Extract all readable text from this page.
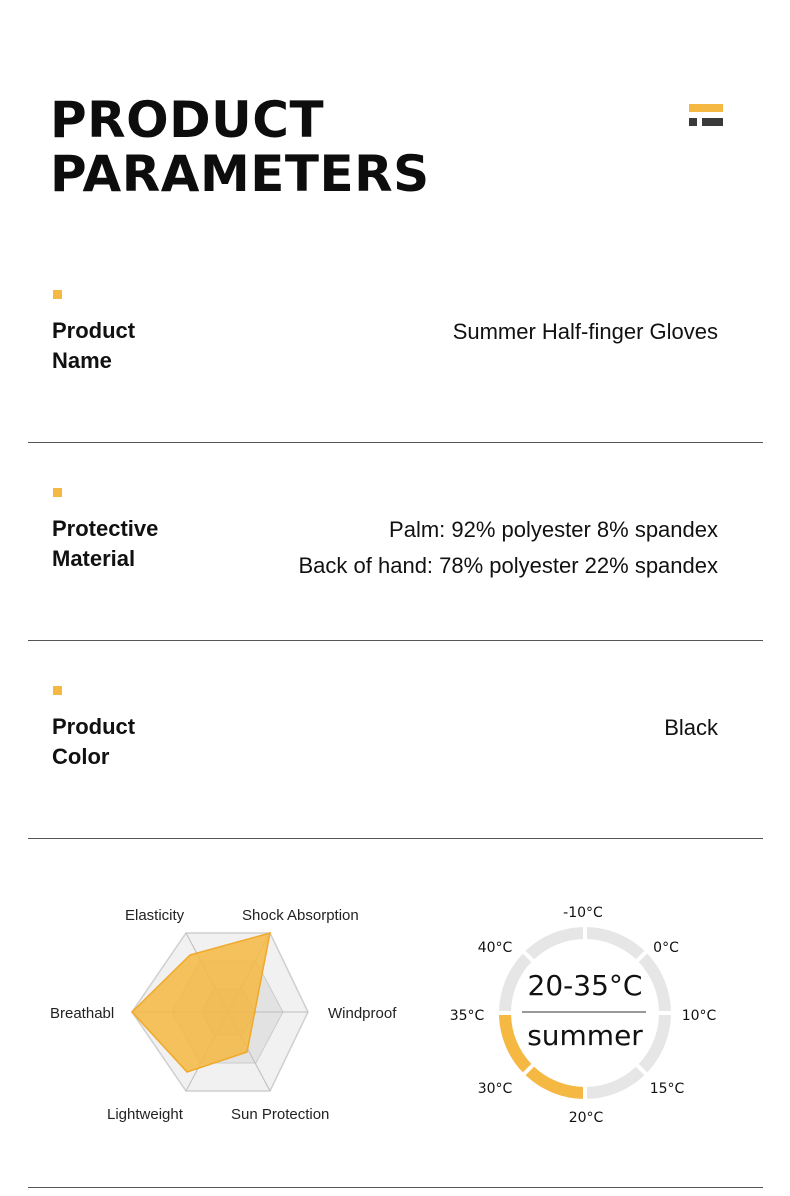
PRODUCT
PARAMETERS
Product
Name
Summer Half-finger Gloves
Protective
Material
Palm: 92% polyester 8% spandex
Back of hand: 78% polyester 22% spandex
Product
Color
Black
Elasticity	Shock Absorption
Windproof
Sun Protection
Lightweight
Breathabl
20-35°C
summer
-10°C
0°C
10°C
15°C
20°C
30°C
35°C
40°C
